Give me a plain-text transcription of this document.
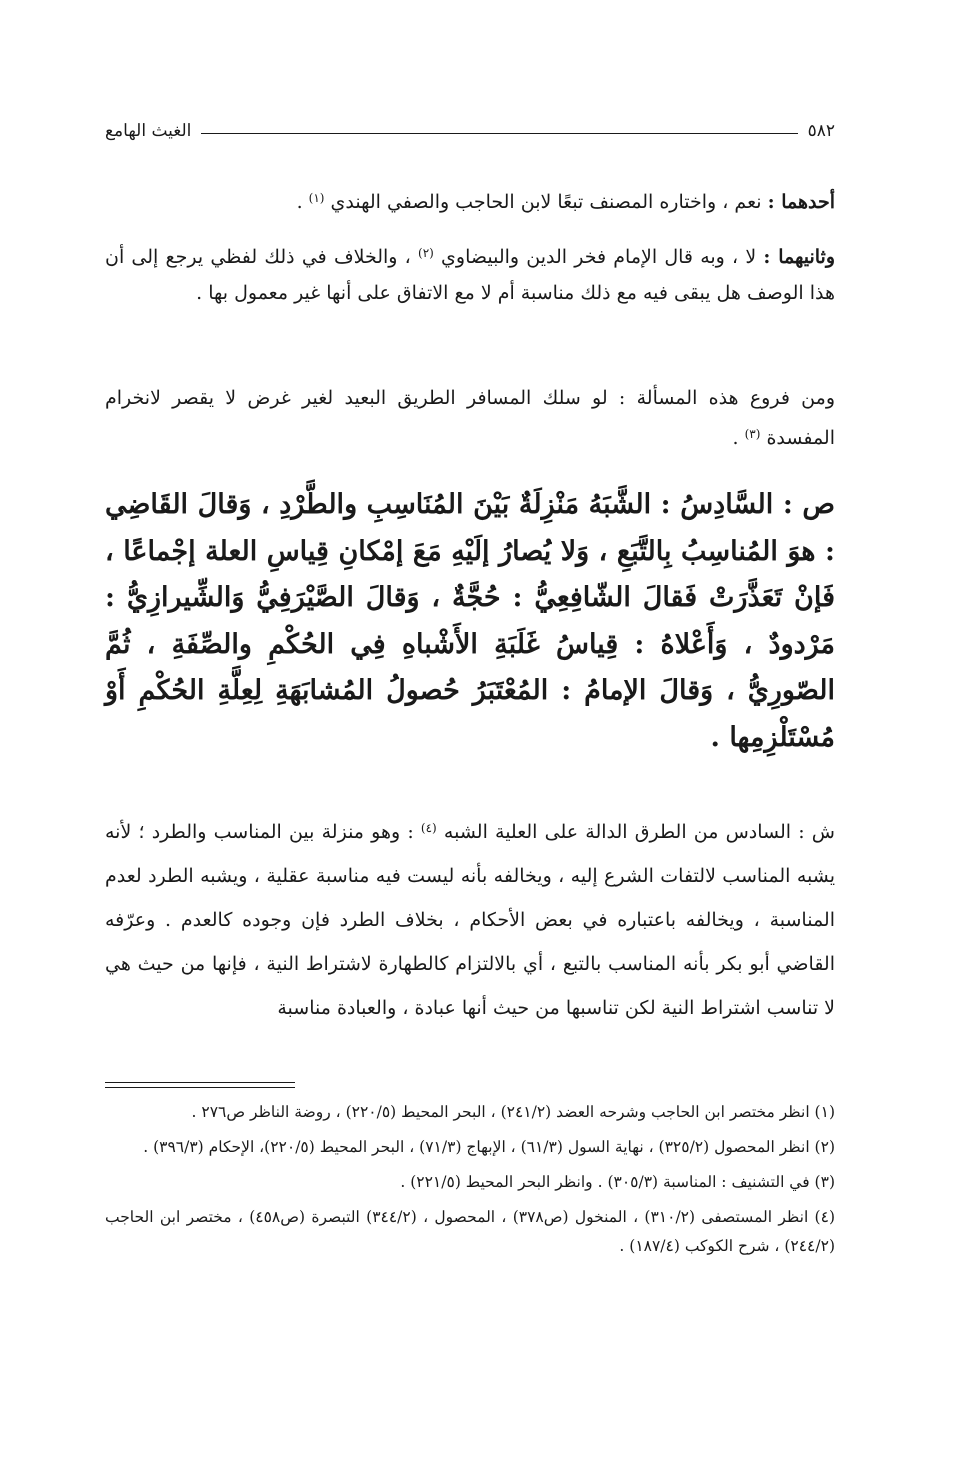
٥٨٢
الغيث الهامع

أحدهما : نعم ، واختاره المصنف تبعًا لابن الحاجب والصفي الهندي $^{(١)}$ .

وثانيهما : لا ، وبه قال الإمام فخر الدين والبيضاوي $^{(٢)}$ ، والخلاف في ذلك لفظي يرجع إلى أن هذا الوصف هل يبقى فيه مع ذلك مناسبة أم لا مع الاتفاق على أنها غير معمول بها .

ومن فروع هذه المسألة : لو سلك المسافر الطريق البعيد لغير غرض لا يقصر لانخرام المفسدة $^{(٣)}$ .

ص : السَّادِسُ : الشَّبَهُ مَنْزِلَةٌ بَيْنَ المُنَاسِبِ والطَّرْدِ ، وَقالَ القَاضِي : هوَ المُناسِبُ بِالتَّبَعِ ، وَلا يُصارُ إلَيْهِ مَعَ إمْكانِ قِياسِ العلة إجْماعًا ، فَإنْ تَعَذَّرَتْ فَقالَ الشّافِعِيُّ : حُجَّةٌ ، وَقالَ الصَّيْرَفِيُّ وَالشِّيرازِيُّ : مَرْدودٌ ، وَأَعْلاهُ : قِياسُ غَلَبَةِ الأَشْباهِ فِي الحُكْمِ والصِّفَةِ ، ثُمَّ الصّورِيُّ ، وَقالَ الإمامُ : المُعْتَبَرُ حُصولُ المُشابَهَةِ لِعِلَّةِ الحُكْمِ أَوْ مُسْتَلْزِمِها .

ش : السادس من الطرق الدالة على العلية الشبه $^{(٤)}$ : وهو منزلة بين المناسب والطرد ؛ لأنه يشبه المناسب لالتفات الشرع إليه ، ويخالفه بأنه ليست فيه مناسبة عقلية ، ويشبه الطرد لعدم المناسبة ، ويخالفه باعتباره في بعض الأحكام ، بخلاف الطرد فإن وجوده كالعدم . وعرّفه القاضي أبو بكر بأنه المناسب بالتبع ، أي بالالتزام كالطهارة لاشتراط النية ، فإنها من حيث هي لا تناسب اشتراط النية لكن تناسبها من حيث أنها عبادة ، والعبادة مناسبة

(١) انظر مختصر ابن الحاجب وشرحه العضد (٢٤١/٢) ، البحر المحيط (٢٢٠/٥) ، روضة الناظر ص٢٧٦ .

(٢) انظر المحصول (٣٢٥/٢) ، نهاية السول (٦١/٣) ، الإبهاج (٧١/٣) ، البحر المحيط (٢٢٠/٥)، الإحكام (٣٩٦/٣) .

(٣) في التشنيف : المناسبة (٣٠٥/٣) . وانظر البحر المحيط (٢٢١/٥) .

(٤) انظر المستصفى (٣١٠/٢) ، المنخول (ص٣٧٨) ، المحصول ، (٣٤٤/٢) التبصرة (ص٤٥٨) ، مختصر ابن الحاجب (٢٤٤/٢) ، شرح الكوكب (١٨٧/٤) .
